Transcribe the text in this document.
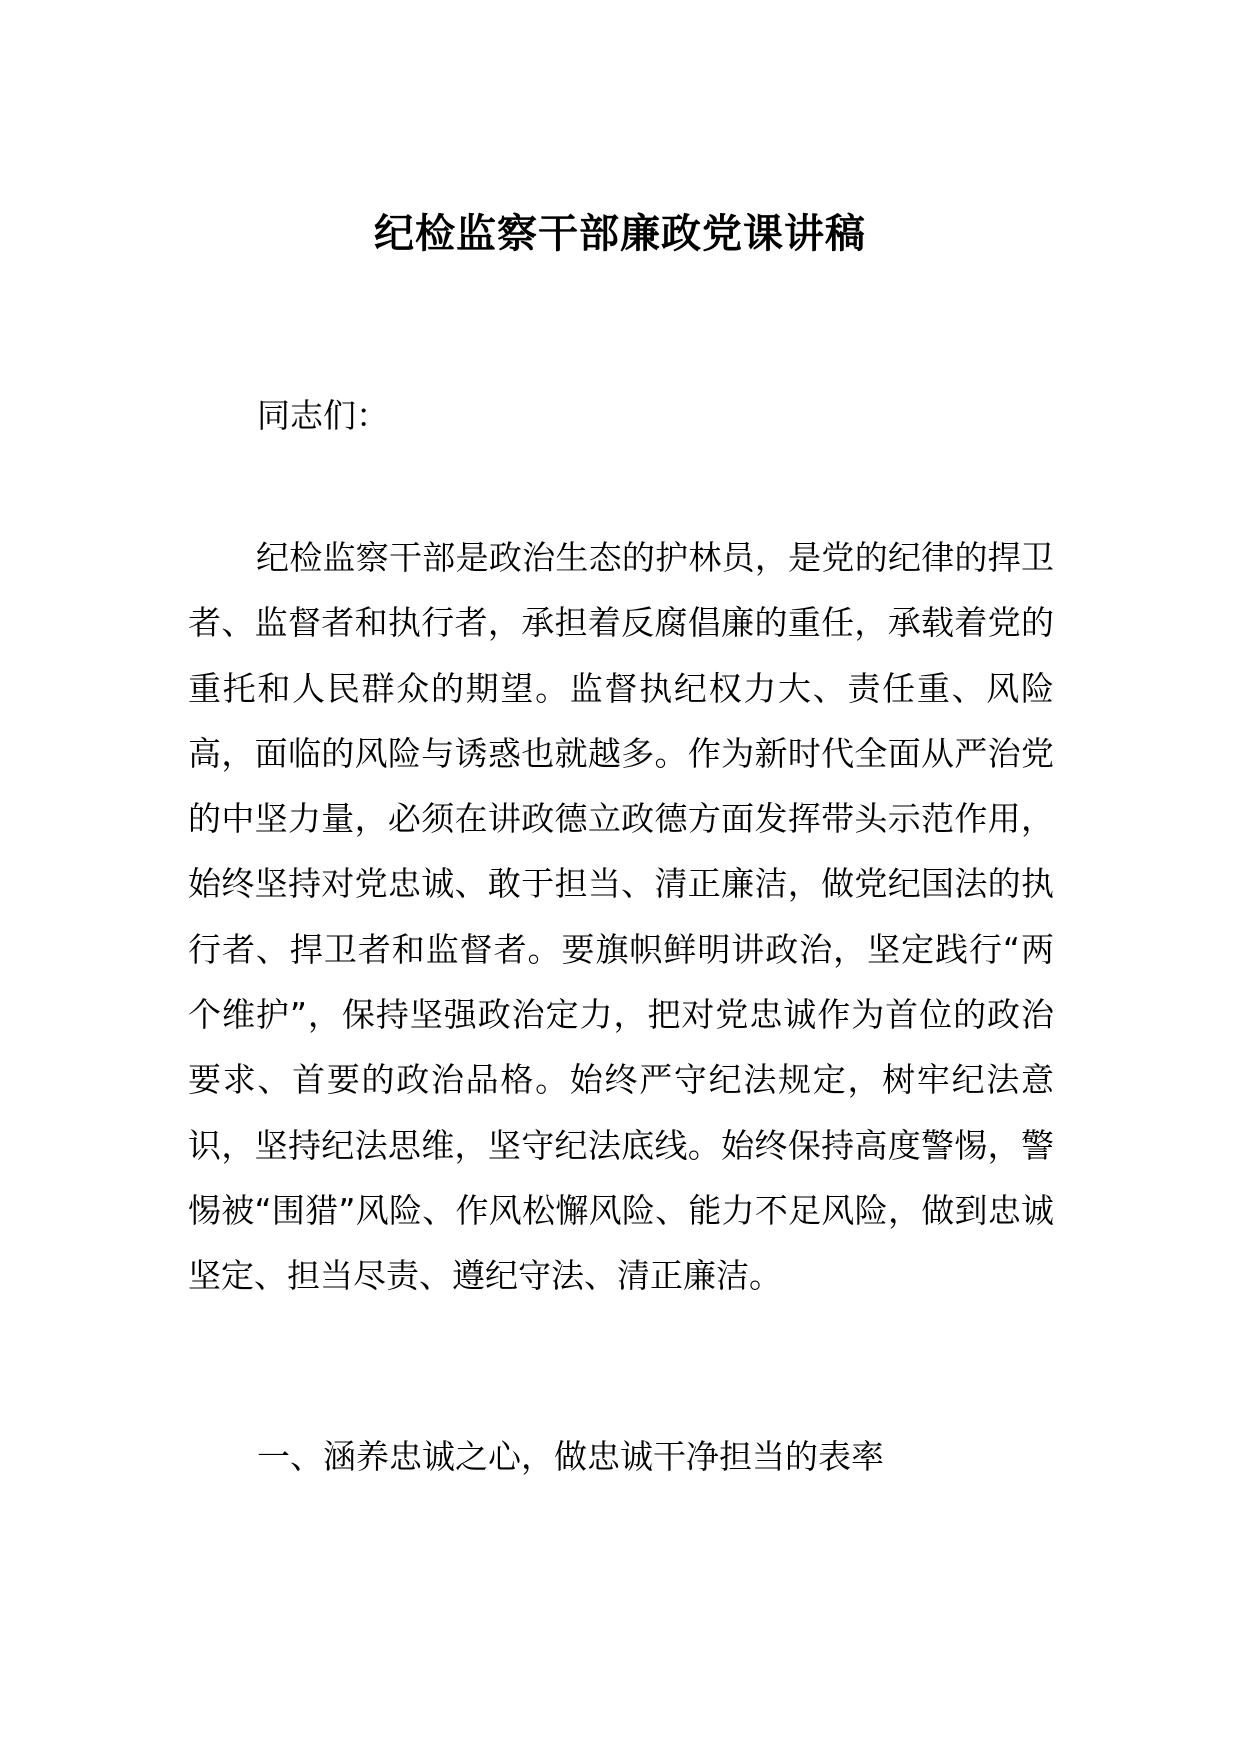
纪检监察干部廉政党课讲稿
同志们：

纪检监察干部是政治生态的护林员，是党的纪律的捍卫者、监督者和执行者，承担着反腐倡廉的重任，承载着党的重托和人民群众的期望。监督执纪权力大、责任重、风险高，面临的风险与诱惑也就越多。作为新时代全面从严治党的中坚力量，必须在讲政德立政德方面发挥带头示范作用，始终坚持对党忠诚、敢于担当、清正廉洁，做党纪国法的执行者、捍卫者和监督者。要旗帜鲜明讲政治，坚定践行“两个维护”，保持坚强政治定力，把对党忠诚作为首位的政治要求、首要的政治品格。始终严守纪法规定，树牢纪法意识，坚持纪法思维，坚守纪法底线。始终保持高度警惕，警惕被“围猎”风险、作风松懈风险、能力不足风险，做到忠诚坚定、担当尽责、遵纪守法、清正廉洁。

一、涵养忠诚之心，做忠诚干净担当的表率
